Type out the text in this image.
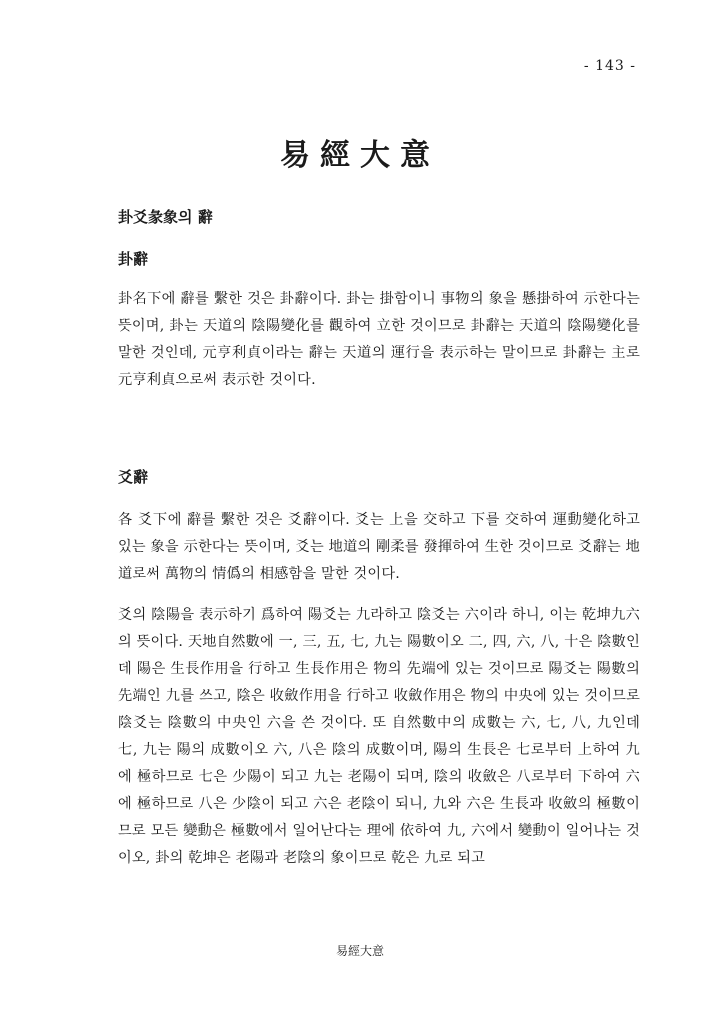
- 143 -
易經大意
卦爻彖象의 辭
卦辭
卦名下에 辭를 繫한 것은 卦辭이다. 卦는 掛함이니 事物의 象을 懸掛하여 示한다는 뜻이며, 卦는 天道의 陰陽變化를 觀하여 立한 것이므로 卦辭는 天道의 陰陽變化를 말한 것인데, 元亨利貞이라는 辭는 天道의 運行을 表示하는 말이므로 卦辭는 主로 元亨利貞으로써 表示한 것이다.
爻辭
各 爻下에 辭를 繫한 것은 爻辭이다. 爻는 上을 交하고 下를 交하여 運動變化하고 있는 象을 示한다는 뜻이며, 爻는 地道의 剛柔를 發揮하여 生한 것이므로 爻辭는 地道로써 萬物의 情僞의 相感함을 말한 것이다.
爻의 陰陽을 表示하기 爲하여 陽爻는 九라하고 陰爻는 六이라 하니, 이는 乾坤九六의 뜻이다. 天地自然數에 一, 三, 五, 七, 九는 陽數이오 二, 四, 六, 八, 十은 陰數인데 陽은 生長作用을 行하고 生長作用은 物의 先端에 있는 것이므로 陽爻는 陽數의 先端인 九를 쓰고, 陰은 收斂作用을 行하고 收斂作用은 物의 中央에 있는 것이므로 陰爻는 陰數의 中央인 六을 쓴 것이다. 또 自然數中의 成數는 六, 七, 八, 九인데 七, 九는 陽의 成數이오 六, 八은 陰의 成數이며, 陽의 生長은 七로부터 上하여 九에 極하므로 七은 少陽이 되고 九는 老陽이 되며, 陰의 收斂은 八로부터 下하여 六에 極하므로 八은 少陰이 되고 六은 老陰이 되니, 九와 六은 生長과 收斂의 極數이므로 모든 變動은 極數에서 일어난다는 理에 依하여 九, 六에서 變動이 일어나는 것이오, 卦의 乾坤은 老陽과 老陰의 象이므로 乾은 九로 되고
易經大意
